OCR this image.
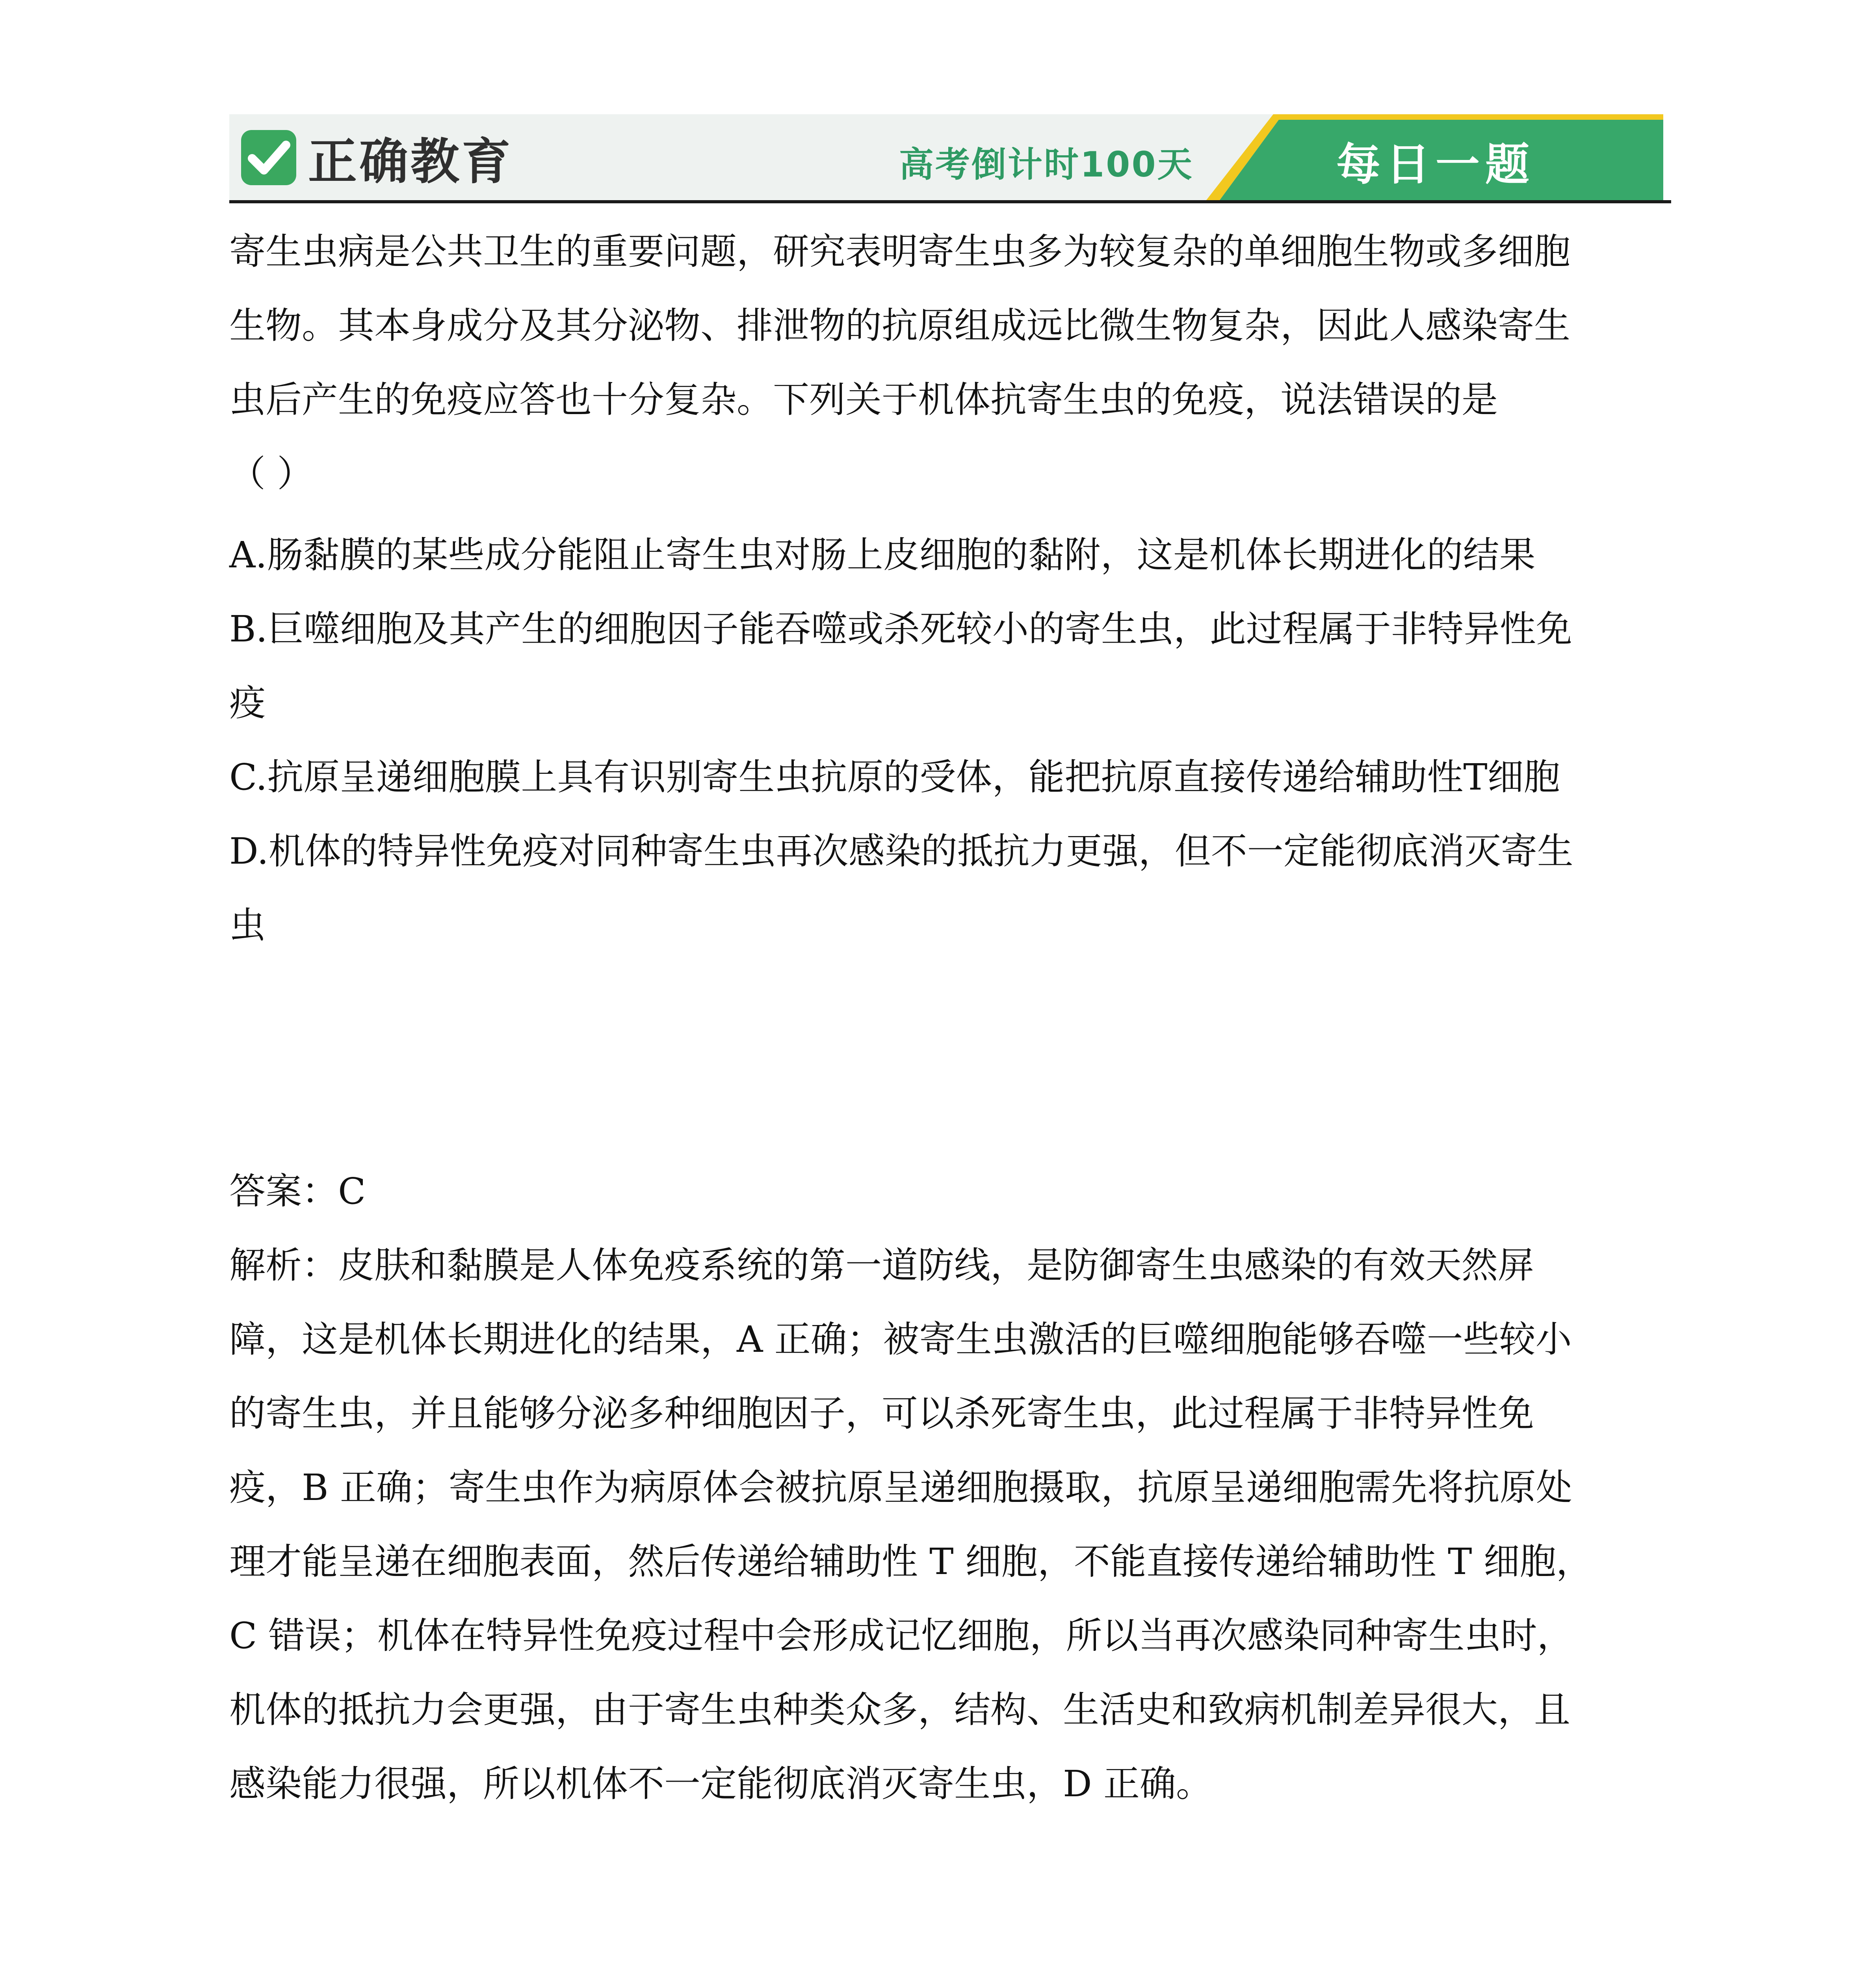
正确教育	高考倒计时100天	每日一题
寄生虫病是公共卫生的重要问题，研究表明寄生虫多为较复杂的单细胞生物或多细胞
生物。其本身成分及其分泌物、排泄物的抗原组成远比微生物复杂，因此人感染寄生
虫后产生的免疫应答也十分复杂。下列关于机体抗寄生虫的免疫，说法错误的是
（ ）
A.肠黏膜的某些成分能阻止寄生虫对肠上皮细胞的黏附，这是机体长期进化的结果
B.巨噬细胞及其产生的细胞因子能吞噬或杀死较小的寄生虫，此过程属于非特异性免
疫
C.抗原呈递细胞膜上具有识别寄生虫抗原的受体，能把抗原直接传递给辅助性T细胞
D.机体的特异性免疫对同种寄生虫再次感染的抵抗力更强，但不一定能彻底消灭寄生
虫
答案：C
解析：皮肤和黏膜是人体免疫系统的第一道防线，是防御寄生虫感染的有效天然屏
障，这是机体长期进化的结果，A 正确；被寄生虫激活的巨噬细胞能够吞噬一些较小
的寄生虫，并且能够分泌多种细胞因子，可以杀死寄生虫，此过程属于非特异性免
疫，B 正确；寄生虫作为病原体会被抗原呈递细胞摄取，抗原呈递细胞需先将抗原处
理才能呈递在细胞表面，然后传递给辅助性 T 细胞，不能直接传递给辅助性 T 细胞，
C 错误；机体在特异性免疫过程中会形成记忆细胞，所以当再次感染同种寄生虫时，
机体的抵抗力会更强，由于寄生虫种类众多，结构、生活史和致病机制差异很大，且
感染能力很强，所以机体不一定能彻底消灭寄生虫，D 正确。
